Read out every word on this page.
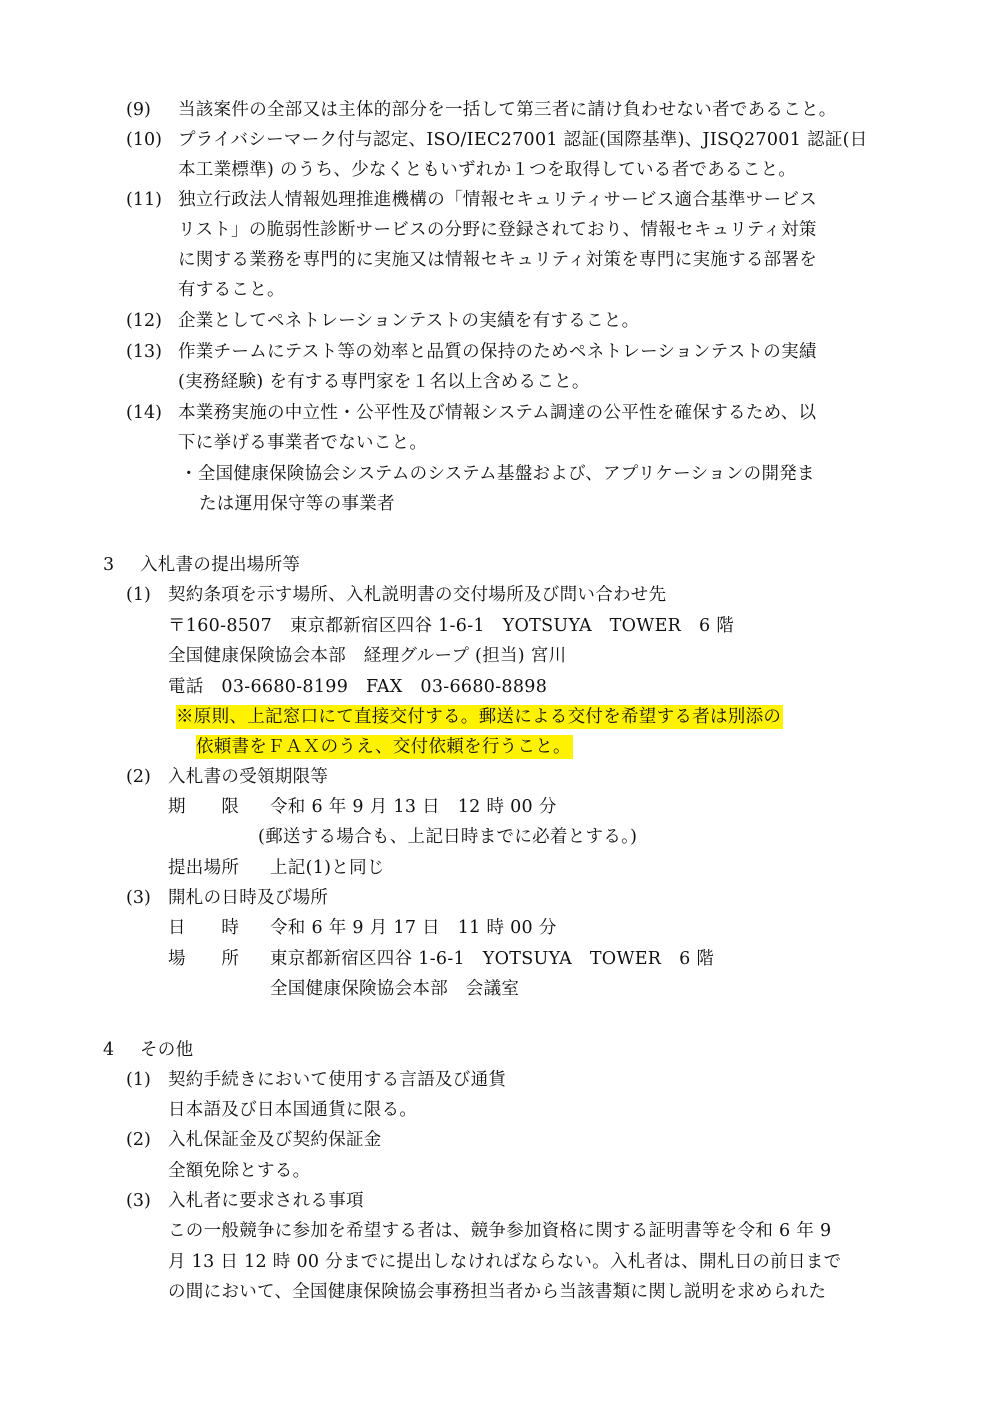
(9) 当該案件の全部又は主体的部分を一括して第三者に請け負わせない者であること。
(10) プライバシーマーク付与認定、ISO/IEC27001 認証(国際基準)、JISQ27001 認証(日
本工業標準) のうち、少なくともいずれか１つを取得している者であること。
(11) 独立行政法人情報処理推進機構の「情報セキュリティサービス適合基準サービス
リスト」の脆弱性診断サービスの分野に登録されており、情報セキュリティ対策
に関する業務を専門的に実施又は情報セキュリティ対策を専門に実施する部署を
有すること。
(12) 企業としてペネトレーションテストの実績を有すること。
(13) 作業チームにテスト等の効率と品質の保持のためペネトレーションテストの実績
(実務経験) を有する専門家を１名以上含めること。
(14) 本業務実施の中立性・公平性及び情報システム調達の公平性を確保するため、以
下に挙げる事業者でないこと。
・全国健康保険協会システムのシステム基盤および、アプリケーションの開発ま
たは運用保守等の事業者
3 入札書の提出場所等
(1) 契約条項を示す場所、入札説明書の交付場所及び問い合わせ先
〒160-8507　東京都新宿区四谷 1-6-1　YOTSUYA　TOWER　6 階
全国健康保険協会本部　経理グループ (担当) 宮川
電話　03-6680-8199　FAX　03-6680-8898
※原則、上記窓口にて直接交付する。郵送による交付を希望する者は別添の
依頼書をＦＡＸのうえ、交付依頼を行うこと。
(2) 入札書の受領期限等
期　　限 令和 6 年 9 月 13 日　12 時 00 分
(郵送する場合も、上記日時までに必着とする。)
提出場所 上記(1)と同じ
(3) 開札の日時及び場所
日　　時 令和 6 年 9 月 17 日　11 時 00 分
場　　所 東京都新宿区四谷 1-6-1　YOTSUYA　TOWER　6 階
全国健康保険協会本部　会議室
4 その他
(1) 契約手続きにおいて使用する言語及び通貨
日本語及び日本国通貨に限る。
(2) 入札保証金及び契約保証金
全額免除とする。
(3) 入札者に要求される事項
この一般競争に参加を希望する者は、競争参加資格に関する証明書等を令和 6 年 9
月 13 日 12 時 00 分までに提出しなければならない。入札者は、開札日の前日まで
の間において、全国健康保険協会事務担当者から当該書類に関し説明を求められた
